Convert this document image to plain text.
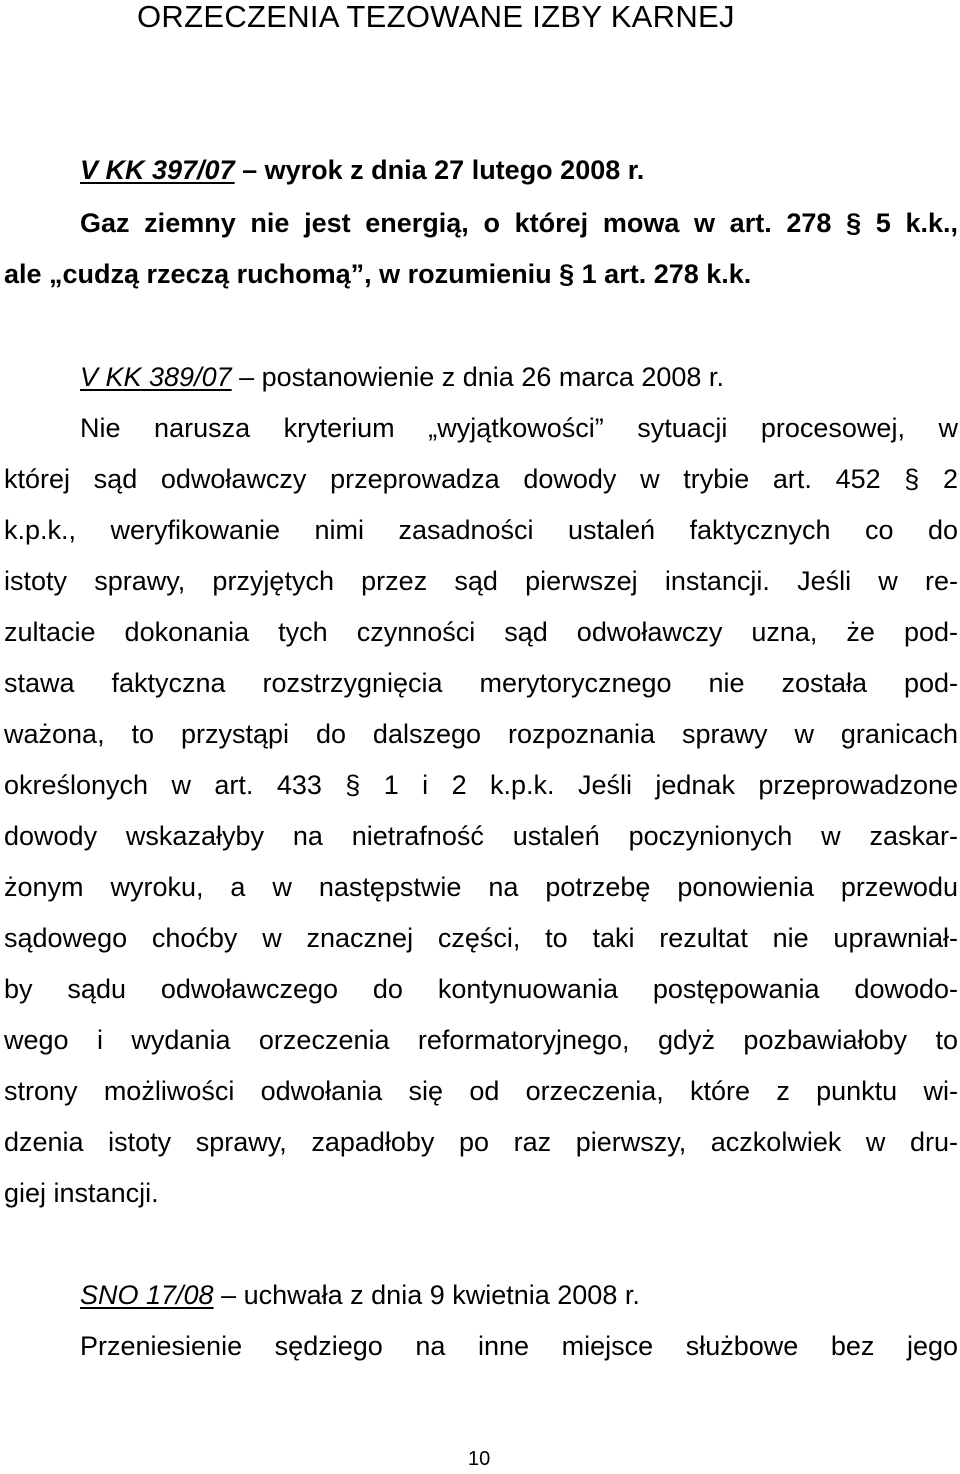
ORZECZENIA TEZOWANE IZBY KARNEJ
V KK 397/07 – wyrok z dnia 27 lutego 2008 r.
Gaz ziemny nie jest energią, o której mowa w art. 278 § 5 k.k.,
ale „cudzą rzeczą ruchomą”, w rozumieniu § 1 art. 278 k.k.
V KK 389/07 – postanowienie z dnia 26 marca 2008 r.
Nie narusza kryterium „wyjątkowości” sytuacji procesowej, w
której sąd odwoławczy przeprowadza dowody w trybie art. 452 § 2
k.p.k., weryfikowanie nimi zasadności ustaleń faktycznych co do
istoty sprawy, przyjętych przez sąd pierwszej instancji. Jeśli w re-
zultacie dokonania tych czynności sąd odwoławczy uzna, że pod-
stawa faktyczna rozstrzygnięcia merytorycznego nie została pod-
ważona, to przystąpi do dalszego rozpoznania sprawy w granicach
określonych w art. 433 § 1 i 2 k.p.k. Jeśli jednak przeprowadzone
dowody wskazałyby na nietrafność ustaleń poczynionych w zaskar-
żonym wyroku, a w następstwie na potrzebę ponowienia przewodu
sądowego choćby w znacznej części, to taki rezultat nie uprawniał-
by sądu odwoławczego do kontynuowania postępowania dowodo-
wego i wydania orzeczenia reformatoryjnego, gdyż pozbawiałoby to
strony możliwości odwołania się od orzeczenia, które z punktu wi-
dzenia istoty sprawy, zapadłoby po raz pierwszy, aczkolwiek w dru-
giej instancji.
SNO 17/08 – uchwała z dnia 9 kwietnia 2008 r.
Przeniesienie sędziego na inne miejsce służbowe bez jego
10
